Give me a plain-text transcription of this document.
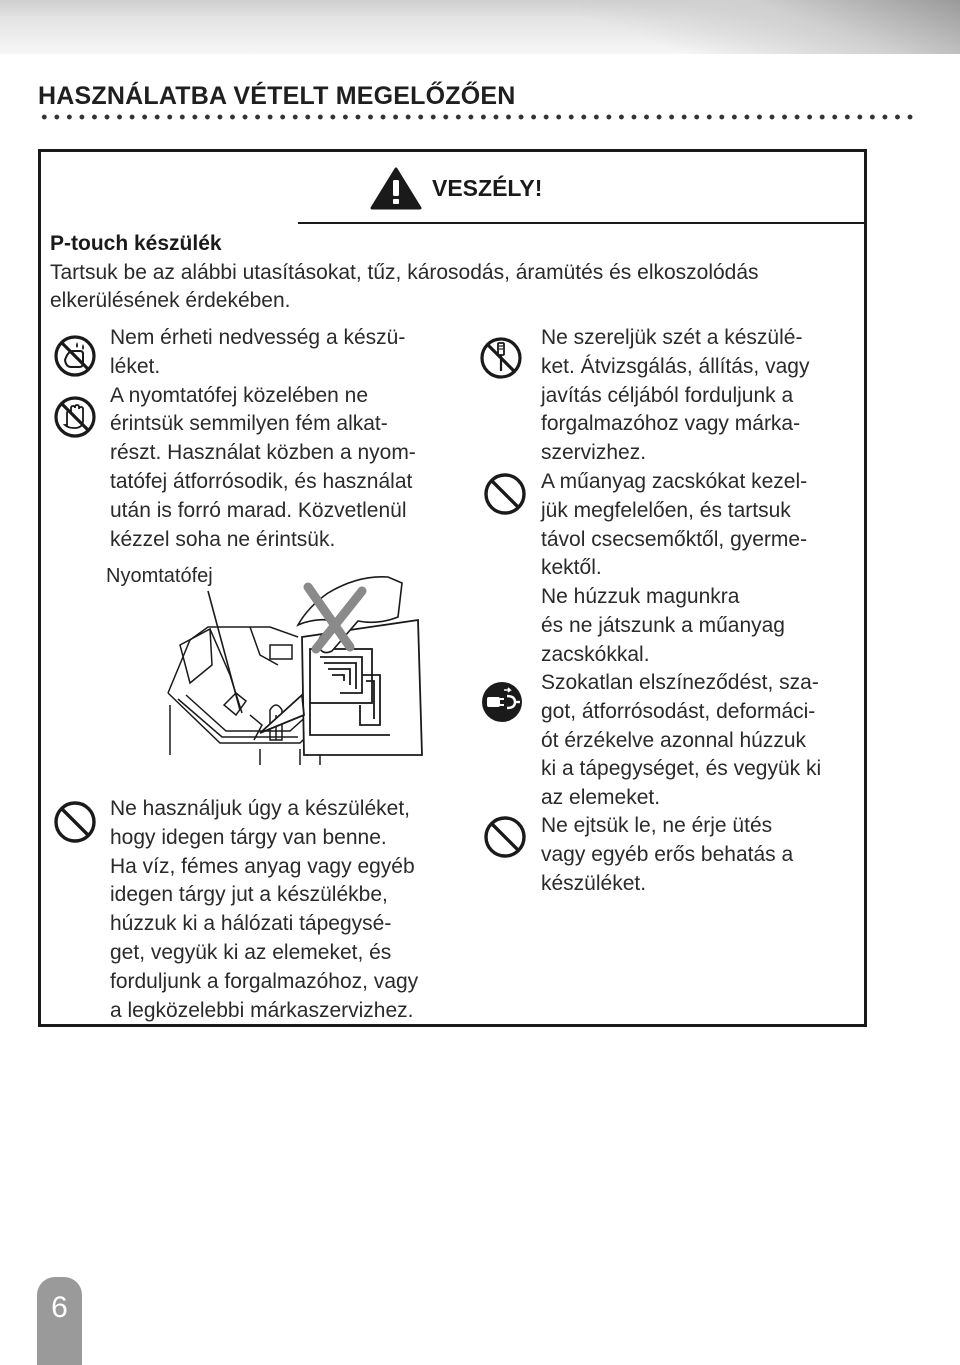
HASZNÁLATBA VÉTELT MEGELŐZŐEN
VESZÉLY!
P-touch készülék
Tartsuk be az alábbi utasításokat, tűz, károsodás, áramütés és elkoszolódás
elkerülésének érdekében.
Nem érheti nedvesség a készü-
léket.
A nyomtatófej közelében ne
érintsük semmilyen fém alkat-
részt. Használat közben a nyom-
tatófej átforrósodik, és használat
után is forró marad. Közvetlenül
kézzel soha ne érintsük.
Nyomtatófej
Ne használjuk úgy a készüléket,
hogy idegen tárgy van benne.
Ha víz, fémes anyag vagy egyéb
idegen tárgy jut a készülékbe,
húzzuk ki a hálózati tápegysé-
get, vegyük ki az elemeket, és
forduljunk a forgalmazóhoz, vagy
a legközelebbi márkaszervizhez.
Ne szereljük szét a készülé-
ket. Átvizsgálás, állítás, vagy
javítás céljából forduljunk a
forgalmazóhoz vagy márka-
szervizhez.
A műanyag zacskókat kezel-
jük megfelelően, és tartsuk
távol csecsemőktől, gyerme-
kektől.
Ne húzzuk magunkra
és ne játszunk a műanyag
zacskókkal.
Szokatlan elszíneződést, sza-
got, átforrósodást, deformáci-
ót érzékelve azonnal húzzuk
ki a tápegységet, és vegyük ki
az elemeket.
Ne ejtsük le, ne érje ütés
vagy egyéb erős behatás a
készüléket.
6
